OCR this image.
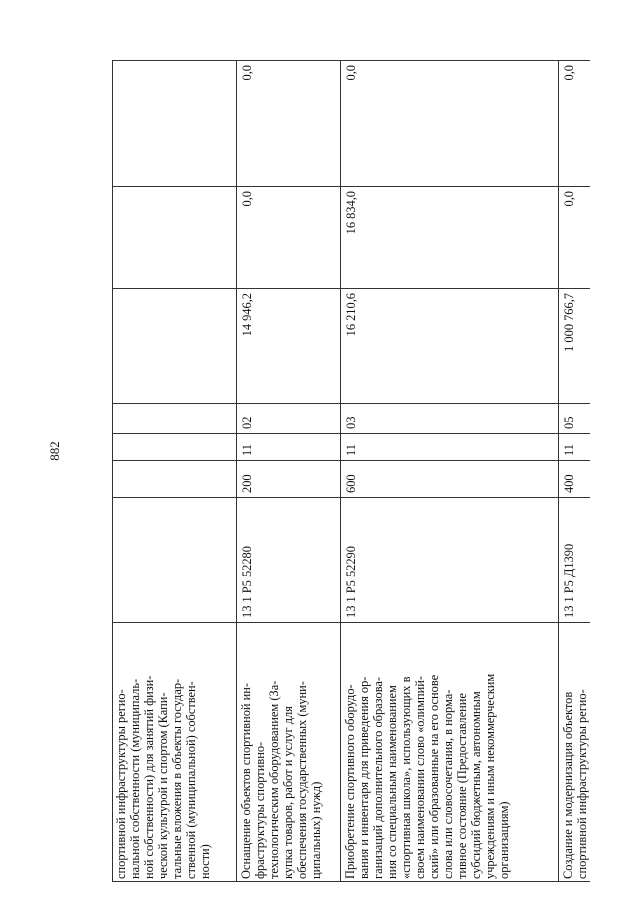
882
спортивной инфраструктуры регио-
нальной собственности (муниципаль-
ной собственности) для занятий физи-
ческой культурой и спортом (Капи-
тальные вложения в объекты государ-
ственной (муниципальной) собствен-
ности)	Оснащение объектов спортивной ин-
фраструктуры спортивно-
технологическим оборудованием (За-
купка товаров, работ и услуг для
обеспечения государственных (муни-
ципальных) нужд)
13 1 P5 52280
200
11
02
14 946,2
0,0
0,0
Приобретение спортивного оборудо-
вания и инвентаря для приведения ор-
ганизаций дополнительного образова-
ния со специальным наименованием
«спортивная школа», использующих в
своем наименовании слово «олимпий-
ский» или образованные на его основе
слова или словосочетания, в норма-
тивное состояние (Предоставление
субсидий бюджетным, автономным
учреждениям и иным некоммерческим
организациям)
13 1 P5 52290
600
11
03
16 210,6
16 834,0
0,0
Создание и модернизация объектов
спортивной инфраструктуры регио-
13 1 P5 Д1390
400
11
05
1 000 766,7
0,0
0,0
